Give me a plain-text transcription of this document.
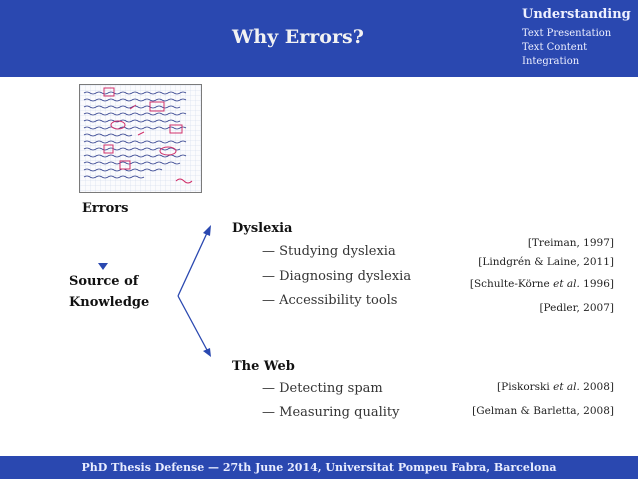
Why Errors?
Understanding
Text Presentation
Text Content
Integration
Errors
Source of
Knowledge
Dyslexia
— Studying dyslexia
— Diagnosing dyslexia
— Accessibility tools
The Web
— Detecting spam
— Measuring quality
[Treiman, 1997]
[Lindgrén & Laine, 2011]
[Schulte-Körne et al. 1996]
[Pedler, 2007]
[Piskorski et al. 2008]
[Gelman & Barletta, 2008]
PhD Thesis Defense — 27th June 2014, Universitat Pompeu Fabra, Barcelona
